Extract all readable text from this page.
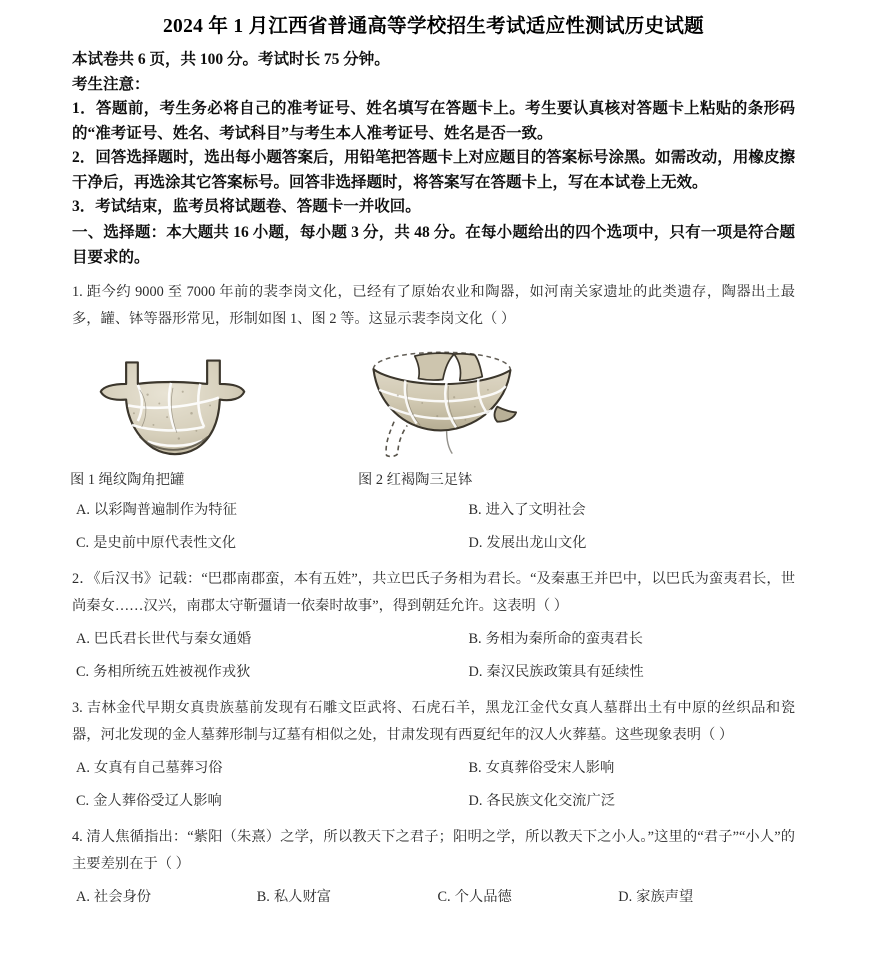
2024 年 1 月江西省普通高等学校招生考试适应性测试历史试题

本试卷共 6 页，共 100 分。考试时长 75 分钟。

考生注意：

1．答题前，考生务必将自己的准考证号、姓名填写在答题卡上。考生要认真核对答题卡上粘贴的条形码的“准考证号、姓名、考试科目”与考生本人准考证号、姓名是否一致。

2．回答选择题时，选出每小题答案后，用铅笔把答题卡上对应题目的答案标号涂黑。如需改动，用橡皮擦干净后，再选涂其它答案标号。回答非选择题时，将答案写在答题卡上，写在本试卷上无效。

3．考试结束，监考员将试题卷、答题卡一并收回。

一、选择题：本大题共 16 小题，每小题 3 分，共 48 分。在每小题给出的四个选项中，只有一项是符合题目要求的。

1. 距今约 9000 至 7000 年前的裴李岗文化，已经有了原始农业和陶器，如河南关家遗址的此类遗存，陶器出土最多，罐、钵等器形常见，形制如图 1、图 2 等。这显示裴李岗文化（ ）

图 1 绳纹陶角把罐	图 2 红褐陶三足钵
A. 以彩陶普遍制作为特征	B. 进入了文明社会
C. 是史前中原代表性文化	D. 发展出龙山文化

2．《后汉书》记载：“巴郡南郡蛮，本有五姓”，共立巴氏子务相为君长。“及秦惠王并巴中，以巴氏为蛮夷君长，世尚秦女……汉兴，南郡太守靳彊请一依秦时故事”，得到朝廷允许。这表明（ ）

A. 巴氏君长世代与秦女通婚	B. 务相为秦所命的蛮夷君长
C. 务相所统五姓被视作戎狄	D. 秦汉民族政策具有延续性

3. 吉林金代早期女真贵族墓前发现有石雕文臣武将、石虎石羊，黑龙江金代女真人墓群出土有中原的丝织品和瓷器，河北发现的金人墓葬形制与辽墓有相似之处，甘肃发现有西夏纪年的汉人火葬墓。这些现象表明（ ）

A. 女真有自己墓葬习俗	B. 女真葬俗受宋人影响
C. 金人葬俗受辽人影响	D. 各民族文化交流广泛

4. 清人焦循指出：“紫阳（朱熹）之学，所以教天下之君子；阳明之学，所以教天下之小人。”这里的“君子”“小人”的主要差别在于（ ）

A. 社会身份	B. 私人财富	C. 个人品德	D. 家族声望
